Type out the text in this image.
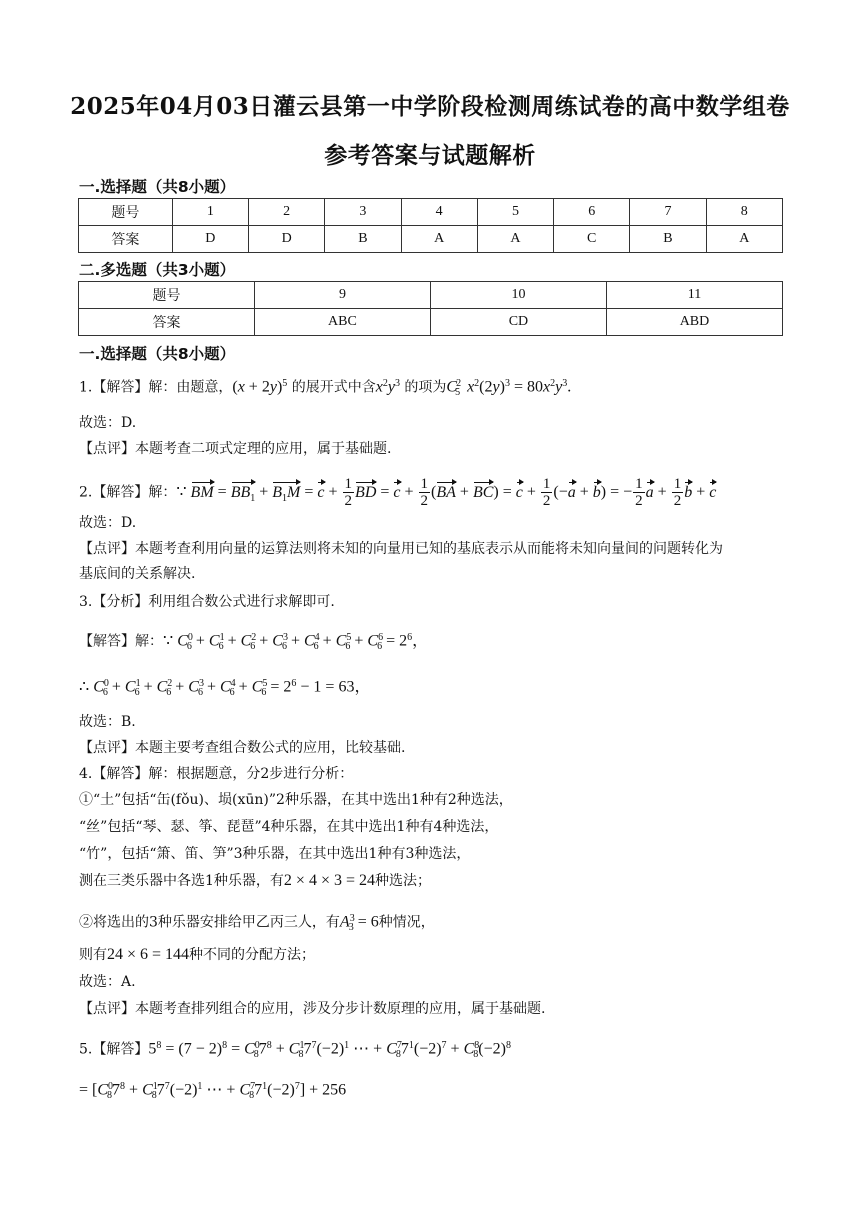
2025年04月03日灌云县第一中学阶段检测周练试卷的高中数学组卷
参考答案与试题解析
一.选择题（共8小题）
题号	1	2	3	4	5	6	7	8
答案	D	D	B	A	A	C	B	A
二.多选题（共3小题）
题号	9	10	11
答案	ABC	CD	ABD
一.选择题（共8小题）
1.【解答】解：由题意，$(x + 2y)^5$ 的展开式中含$x^2y^3$ 的项为$C^2_5$ $x^2(2y)^3 = 80x^2y^3$.
故选：D.
【点评】本题考查二项式定理的应用，属于基础题.
2.【解答】解：∵ BM = $BB_1 + B_1M = c + \frac{1}{2}$ BD = $c + \frac{1}{2} (BA + BC) = c + \frac{1}{2} (-a + b)$ = − $\frac{1}{2}$ $a + \frac{1}{2}$ b + c
故选：D.
【点评】本题考查利用向量的运算法则将未知的向量用已知的基底表示从而能将未知向量间的问题转化为
基底间的关系解决.
3.【分析】利用组合数公式进行求解即可.
【解答】解：∵ $C^0_6 + C^1_6 + C^2_6 + C^3_6 + C^4_6 + C^5_6 + C^6_6 = 2^6$，
∴ $C^0_6 + C^1_6 + C^2_6 + C^3_6 + C^4_6 + C^5_6 = 2^6 - 1 = 63$，
故选：B.
【点评】本题主要考查组合数公式的应用，比较基础.
4.【解答】解：根据题意，分2步进行分析：
①“土”包括“缶(fǒu)、埙(xūn)”2种乐器，在其中选出1种有2种选法，
“丝”包括“琴、瑟、筝、琵琶”4种乐器，在其中选出1种有4种选法，
“竹”，包括“箫、笛、笋”3种乐器，在其中选出1种有3种选法，
测在三类乐器中各选1种乐器，有2 × 4 × 3 = 24种选法；
②将选出的3种乐器安排给甲乙丙三人，有$A^3_3 = 6$种情况，
则有24 × 6 = 144种不同的分配方法；
故选：A.
【点评】本题考查排列组合的应用，涉及分步计数原理的应用，属于基础题.
5.【解答】$5^8 = (7 - 2)^8 = C^0_87^8 + C^1_87^7(-2)^1$ ⋯ + $C^7_87^1(-2)^7 + C^8_8(-2)^8$
= [$C^0_87^8 + C^1_87^7(-2)^1$ ⋯ + $C^7_87^1(-2)^7] + 256$
